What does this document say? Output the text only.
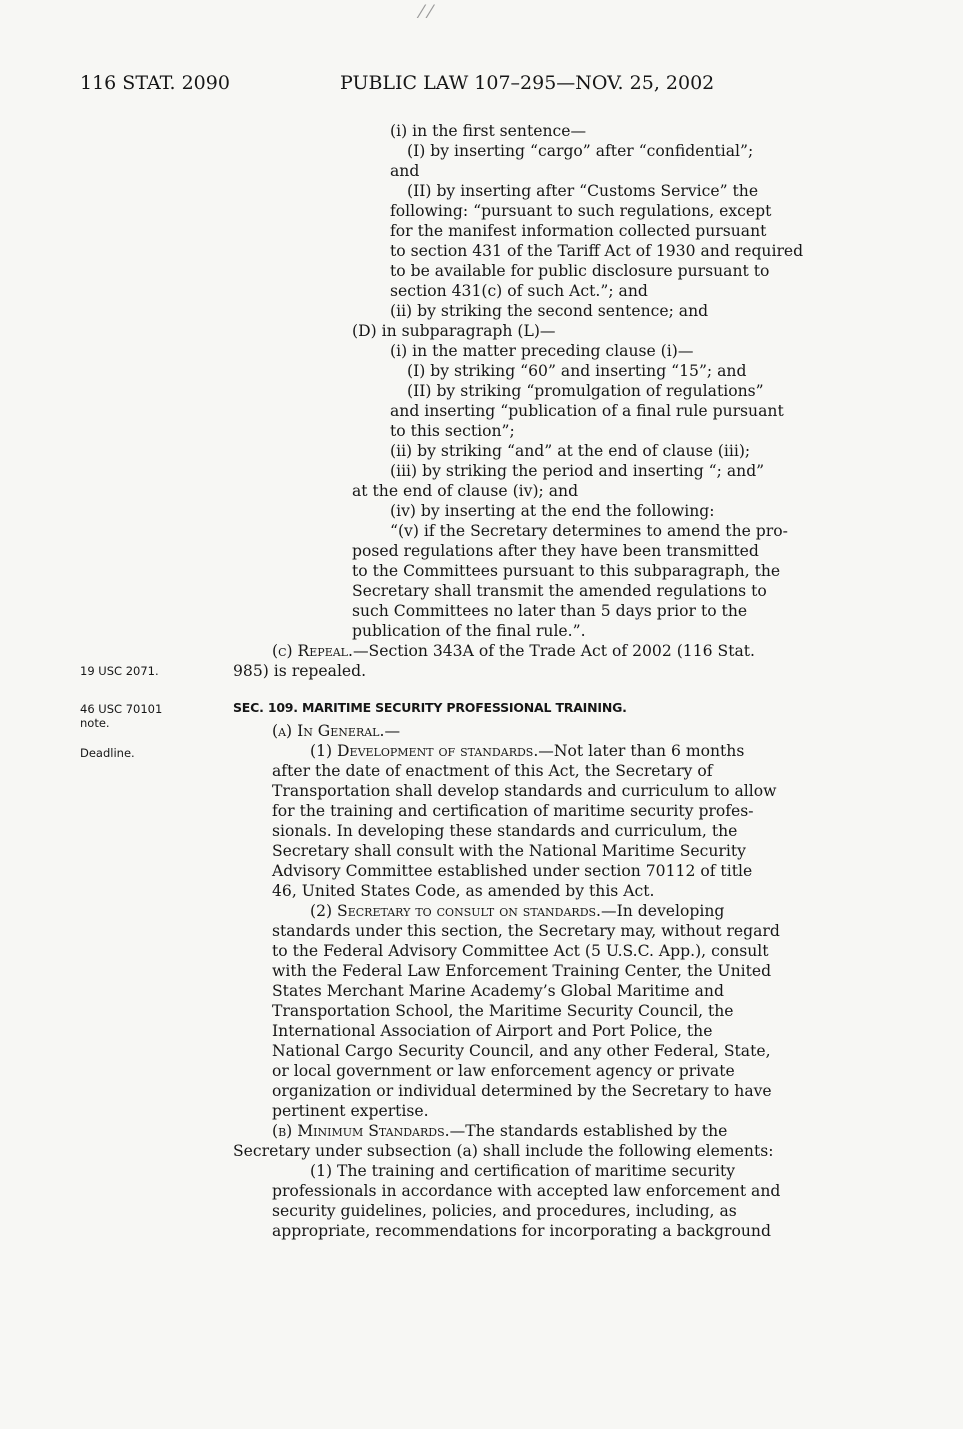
116 STAT. 2090	PUBLIC LAW 107–295—NOV. 25, 2002
⁄ ⁄
(i) in the first sentence—
(I) by inserting “cargo” after “confidential”;
and
(II) by inserting after “Customs Service” the
following: “pursuant to such regulations, except
for the manifest information collected pursuant
to section 431 of the Tariff Act of 1930 and required
to be available for public disclosure pursuant to
section 431(c) of such Act.”; and
(ii) by striking the second sentence; and
(D) in subparagraph (L)—
(i) in the matter preceding clause (i)—
(I) by striking “60” and inserting “15”; and
(II) by striking “promulgation of regulations”
and inserting “publication of a final rule pursuant
to this section”;
(ii) by striking “and” at the end of clause (iii);
(iii) by striking the period and inserting “; and”
at the end of clause (iv); and
(iv) by inserting at the end the following:
“(v) if the Secretary determines to amend the pro-
posed regulations after they have been transmitted
to the Committees pursuant to this subparagraph, the
Secretary shall transmit the amended regulations to
such Committees no later than 5 days prior to the
publication of the final rule.”.
(c) Repeal.—Section 343A of the Trade Act of 2002 (116 Stat.
19 USC 2071.	985) is repealed.
46 USC 70101
note.
SEC. 109. MARITIME SECURITY PROFESSIONAL TRAINING.
(a) In General.—
Deadline.	(1) Development of standards.—Not later than 6 months
after the date of enactment of this Act, the Secretary of
Transportation shall develop standards and curriculum to allow
for the training and certification of maritime security profes-
sionals. In developing these standards and curriculum, the
Secretary shall consult with the National Maritime Security
Advisory Committee established under section 70112 of title
46, United States Code, as amended by this Act.
(2) Secretary to consult on standards.—In developing
standards under this section, the Secretary may, without regard
to the Federal Advisory Committee Act (5 U.S.C. App.), consult
with the Federal Law Enforcement Training Center, the United
States Merchant Marine Academy’s Global Maritime and
Transportation School, the Maritime Security Council, the
International Association of Airport and Port Police, the
National Cargo Security Council, and any other Federal, State,
or local government or law enforcement agency or private
organization or individual determined by the Secretary to have
pertinent expertise.
(b) Minimum Standards.—The standards established by the
Secretary under subsection (a) shall include the following elements:
(1) The training and certification of maritime security
professionals in accordance with accepted law enforcement and
security guidelines, policies, and procedures, including, as
appropriate, recommendations for incorporating a background
